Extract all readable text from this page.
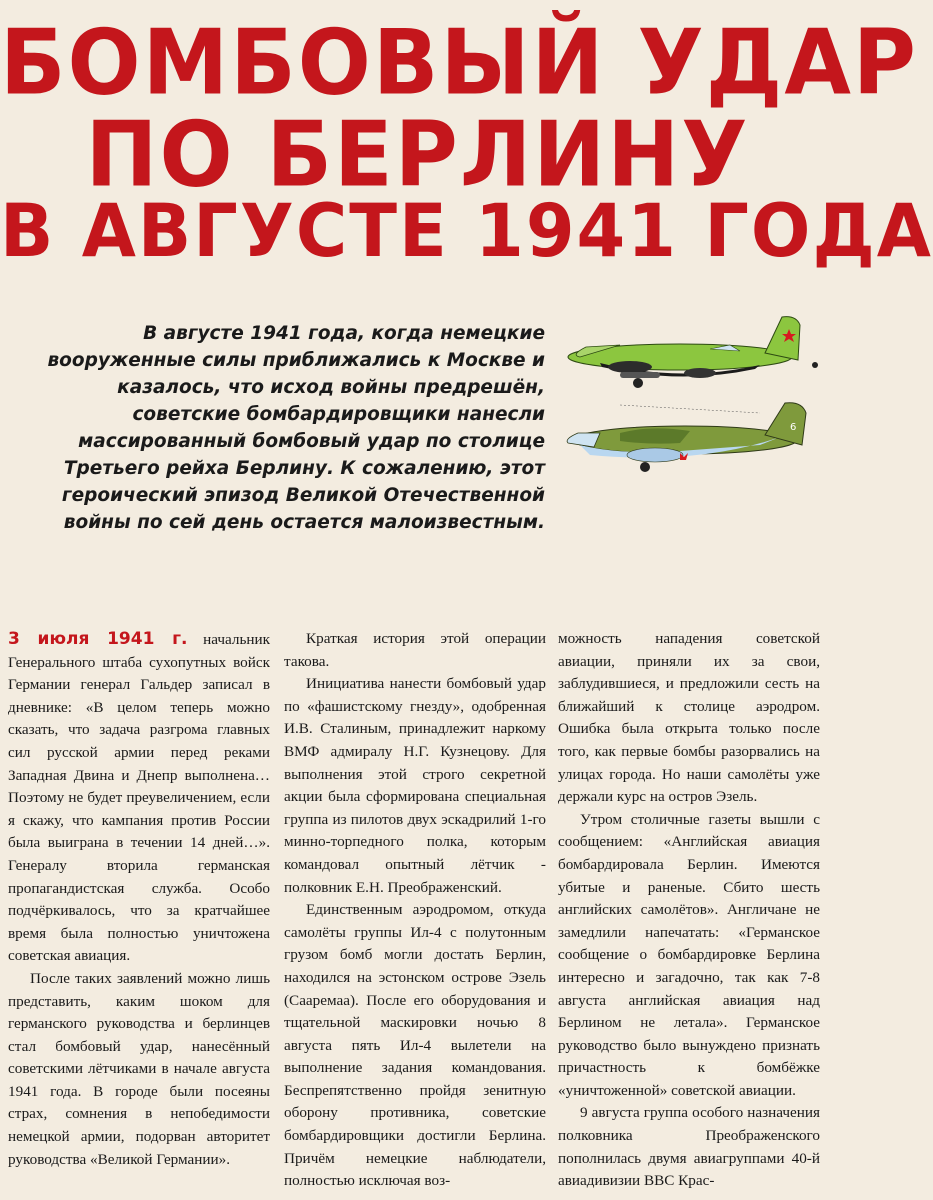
БОМБОВЫЙ УДАР
ПО БЕРЛИНУ
В АВГУСТЕ 1941 ГОДА
В августе 1941 года, когда немецкие вооруженные силы приближались к Москве и казалось, что исход войны предрешён, советские бомбардировщики нанесли массированный бомбовый удар по столице Третьего рейха Берлину. К сожалению, этот героический эпизод Великой Отечественной войны по сей день остается малоизвестным.
6

3 июля 1941 г. начальник Генерального штаба сухопутных войск Германии генерал Гальдер записал в дневнике: «В целом теперь можно сказать, что задача разгрома главных сил русской армии перед реками Западная Двина и Днепр выполнена… Поэтому не будет преувеличением, если я скажу, что кампания против России была выиграна в течении 14 дней…». Генералу вторила германская пропагандистская служба. Особо подчёркивалось, что за кратчайшее время была полностью уничтожена советская авиация.

После таких заявлений можно лишь представить, каким шоком для германского руководства и берлинцев стал бомбовый удар, нанесённый советскими лётчиками в начале августа 1941 года. В городе были посеяны страх, сомнения в непобедимости немецкой армии, подорван авторитет руководства «Великой Германии».

Краткая история этой операции такова.

Инициатива нанести бомбовый удар по «фашистскому гнезду», одобренная И.В. Сталиным, принадлежит наркому ВМФ адмиралу Н.Г. Кузнецову. Для выполнения этой строго секретной акции была сформирована специальная группа из пилотов двух эскадрилий 1-го минно-торпедного полка, которым командовал опытный лётчик - полковник Е.Н. Преображенский.

Единственным аэродромом, откуда самолёты группы Ил-4 с полутонным грузом бомб могли достать Берлин, находился на эстонском острове Эзель (Сааремаа). После его оборудования и тщательной маскировки ночью 8 августа пять Ил-4 вылетели на выполнение задания командования. Беспрепятственно пройдя зенитную оборону противника, советские бомбардировщики достигли Берлина. Причём немецкие наблюдатели, полностью исключая воз-

можность нападения советской авиации, приняли их за свои, заблудившиеся, и предложили сесть на ближайший к столице аэродром. Ошибка была открыта только после того, как первые бомбы разорвались на улицах города. Но наши самолёты уже держали курс на остров Эзель.

Утром столичные газеты вышли с сообщением: «Английская авиация бомбардировала Берлин. Имеются убитые и раненые. Сбито шесть английских самолётов». Англичане не замедлили напечатать: «Германское сообщение о бомбардировке Берлина интересно и загадочно, так как 7-8 августа английская авиация над Берлином не летала». Германское руководство было вынуждено признать причастность к бомбёжке «уничтоженной» советской авиации.

9 августа группа особого назначения полковника Преображенского пополнилась двумя авиагруппами 40-й авиадивизии ВВС Крас-
